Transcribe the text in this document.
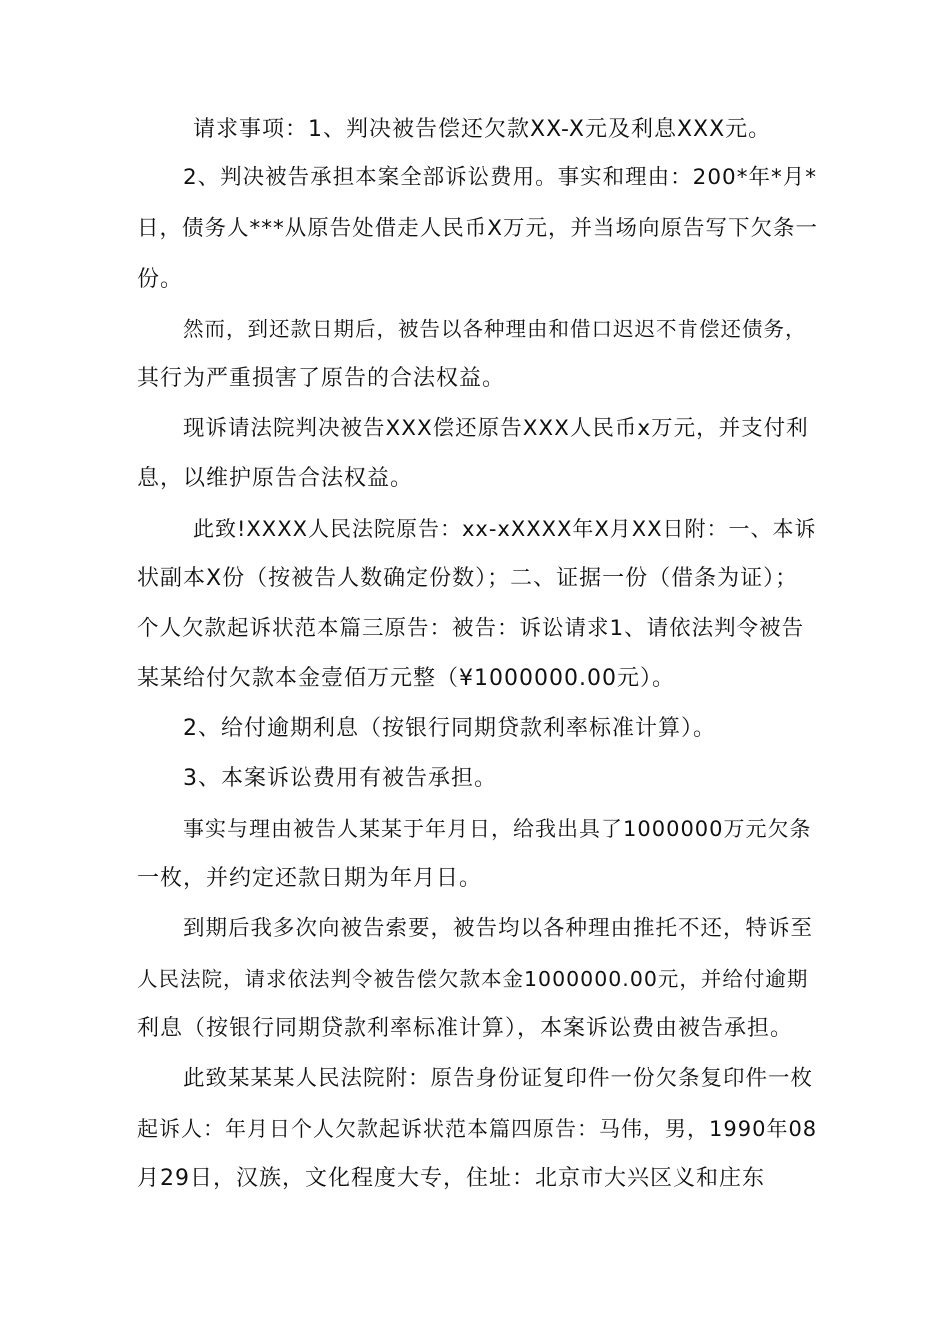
请求事项：1、判决被告偿还欠款XX-X元及利息XXX元。
2、判决被告承担本案全部诉讼费用。事实和理由：200*年*月*
日，债务人***从原告处借走人民币X万元，并当场向原告写下欠条一
份。
然而，到还款日期后，被告以各种理由和借口迟迟不肯偿还债务，
其行为严重损害了原告的合法权益。
现诉请法院判决被告XXX偿还原告XXX人民币x万元，并支付利
息，以维护原告合法权益。
此致!XXXX人民法院原告：xx-xXXXX年X月XX日附：一、本诉
状副本X份（按被告人数确定份数）；二、证据一份（借条为证）；
个人欠款起诉状范本篇三原告：被告：诉讼请求1、请依法判令被告
某某给付欠款本金壹佰万元整（¥1000000.00元）。
2、给付逾期利息（按银行同期贷款利率标准计算）。
3、本案诉讼费用有被告承担。
事实与理由被告人某某于年月日，给我出具了1000000万元欠条
一枚，并约定还款日期为年月日。
到期后我多次向被告索要，被告均以各种理由推托不还，特诉至
人民法院，请求依法判令被告偿欠款本金1000000.00元，并给付逾期
利息（按银行同期贷款利率标准计算），本案诉讼费由被告承担。
此致某某某人民法院附：原告身份证复印件一份欠条复印件一枚
起诉人：年月日个人欠款起诉状范本篇四原告：马伟，男，1990年08
月29日，汉族，文化程度大专，住址：北京市大兴区义和庄东
